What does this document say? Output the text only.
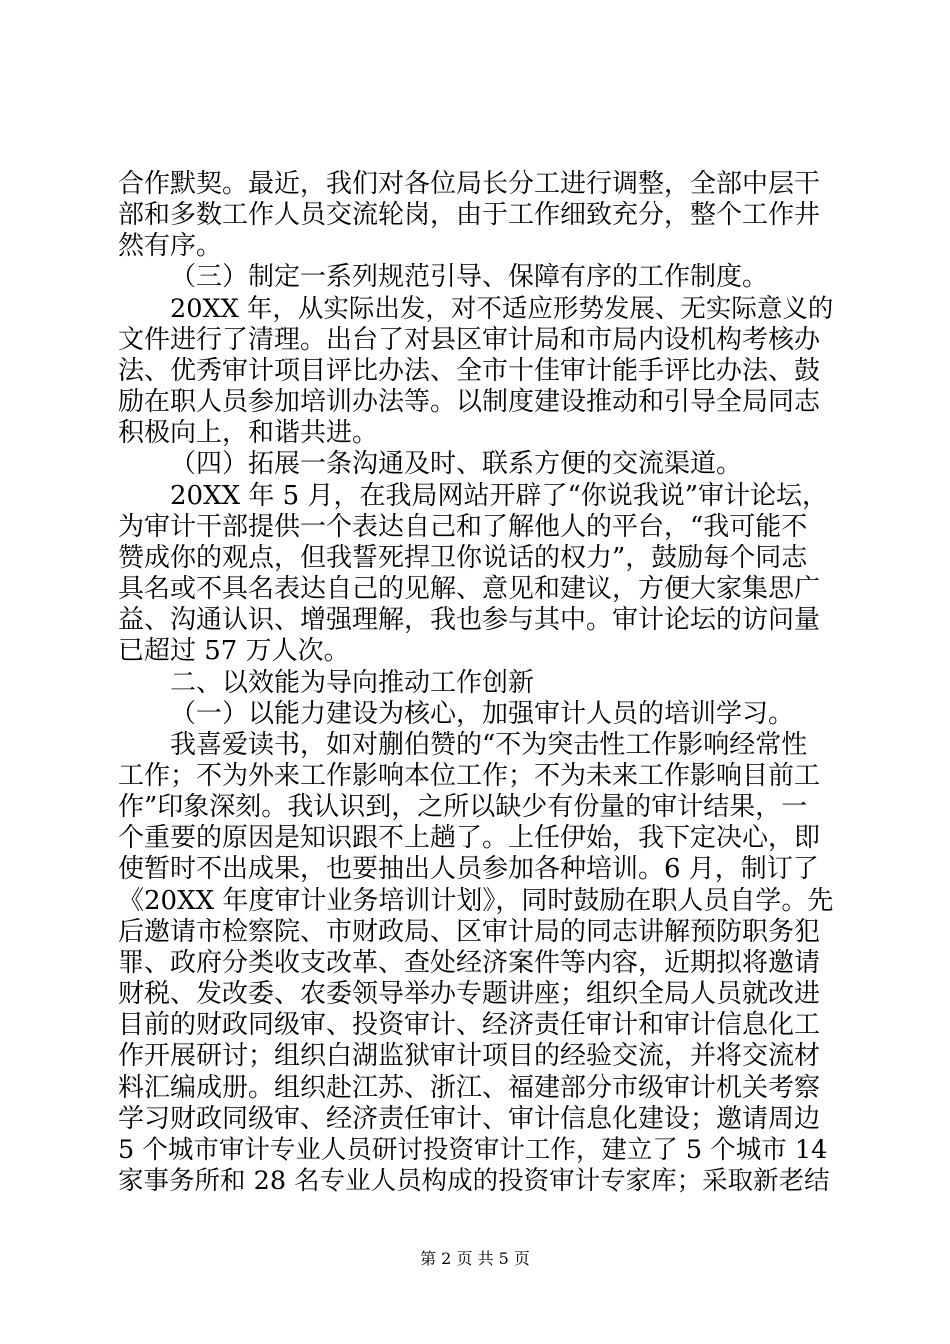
合作默契。最近，我们对各位局长分工进行调整，全部中层干
部和多数工作人员交流轮岗，由于工作细致充分，整个工作井
然有序。
（三）制定一系列规范引导、保障有序的工作制度。
20XX 年，从实际出发，对不适应形势发展、无实际意义的
文件进行了清理。出台了对县区审计局和市局内设机构考核办
法、优秀审计项目评比办法、全市十佳审计能手评比办法、鼓
励在职人员参加培训办法等。以制度建设推动和引导全局同志
积极向上，和谐共进。
（四）拓展一条沟通及时、联系方便的交流渠道。
20XX 年 5 月，在我局网站开辟了“你说我说”审计论坛，
为审计干部提供一个表达自己和了解他人的平台，“我可能不
赞成你的观点，但我誓死捍卫你说话的权力”，鼓励每个同志
具名或不具名表达自己的见解、意见和建议，方便大家集思广
益、沟通认识、增强理解，我也参与其中。审计论坛的访问量
已超过 57 万人次。
二、以效能为导向推动工作创新
（一）以能力建设为核心，加强审计人员的培训学习。
我喜爱读书，如对蒯伯赞的“不为突击性工作影响经常性
工作；不为外来工作影响本位工作；不为未来工作影响目前工
作”印象深刻。我认识到，之所以缺少有份量的审计结果，一
个重要的原因是知识跟不上趟了。上任伊始，我下定决心，即
使暂时不出成果，也要抽出人员参加各种培训。6 月，制订了
《20XX 年度审计业务培训计划》，同时鼓励在职人员自学。先
后邀请市检察院、市财政局、区审计局的同志讲解预防职务犯
罪、政府分类收支改革、查处经济案件等内容，近期拟将邀请
财税、发改委、农委领导举办专题讲座；组织全局人员就改进
目前的财政同级审、投资审计、经济责任审计和审计信息化工
作开展研讨；组织白湖监狱审计项目的经验交流，并将交流材
料汇编成册。组织赴江苏、浙江、福建部分市级审计机关考察
学习财政同级审、经济责任审计、审计信息化建设；邀请周边
5 个城市审计专业人员研讨投资审计工作，建立了 5 个城市 14
家事务所和 28 名专业人员构成的投资审计专家库；采取新老结
第 2 页 共 5 页
